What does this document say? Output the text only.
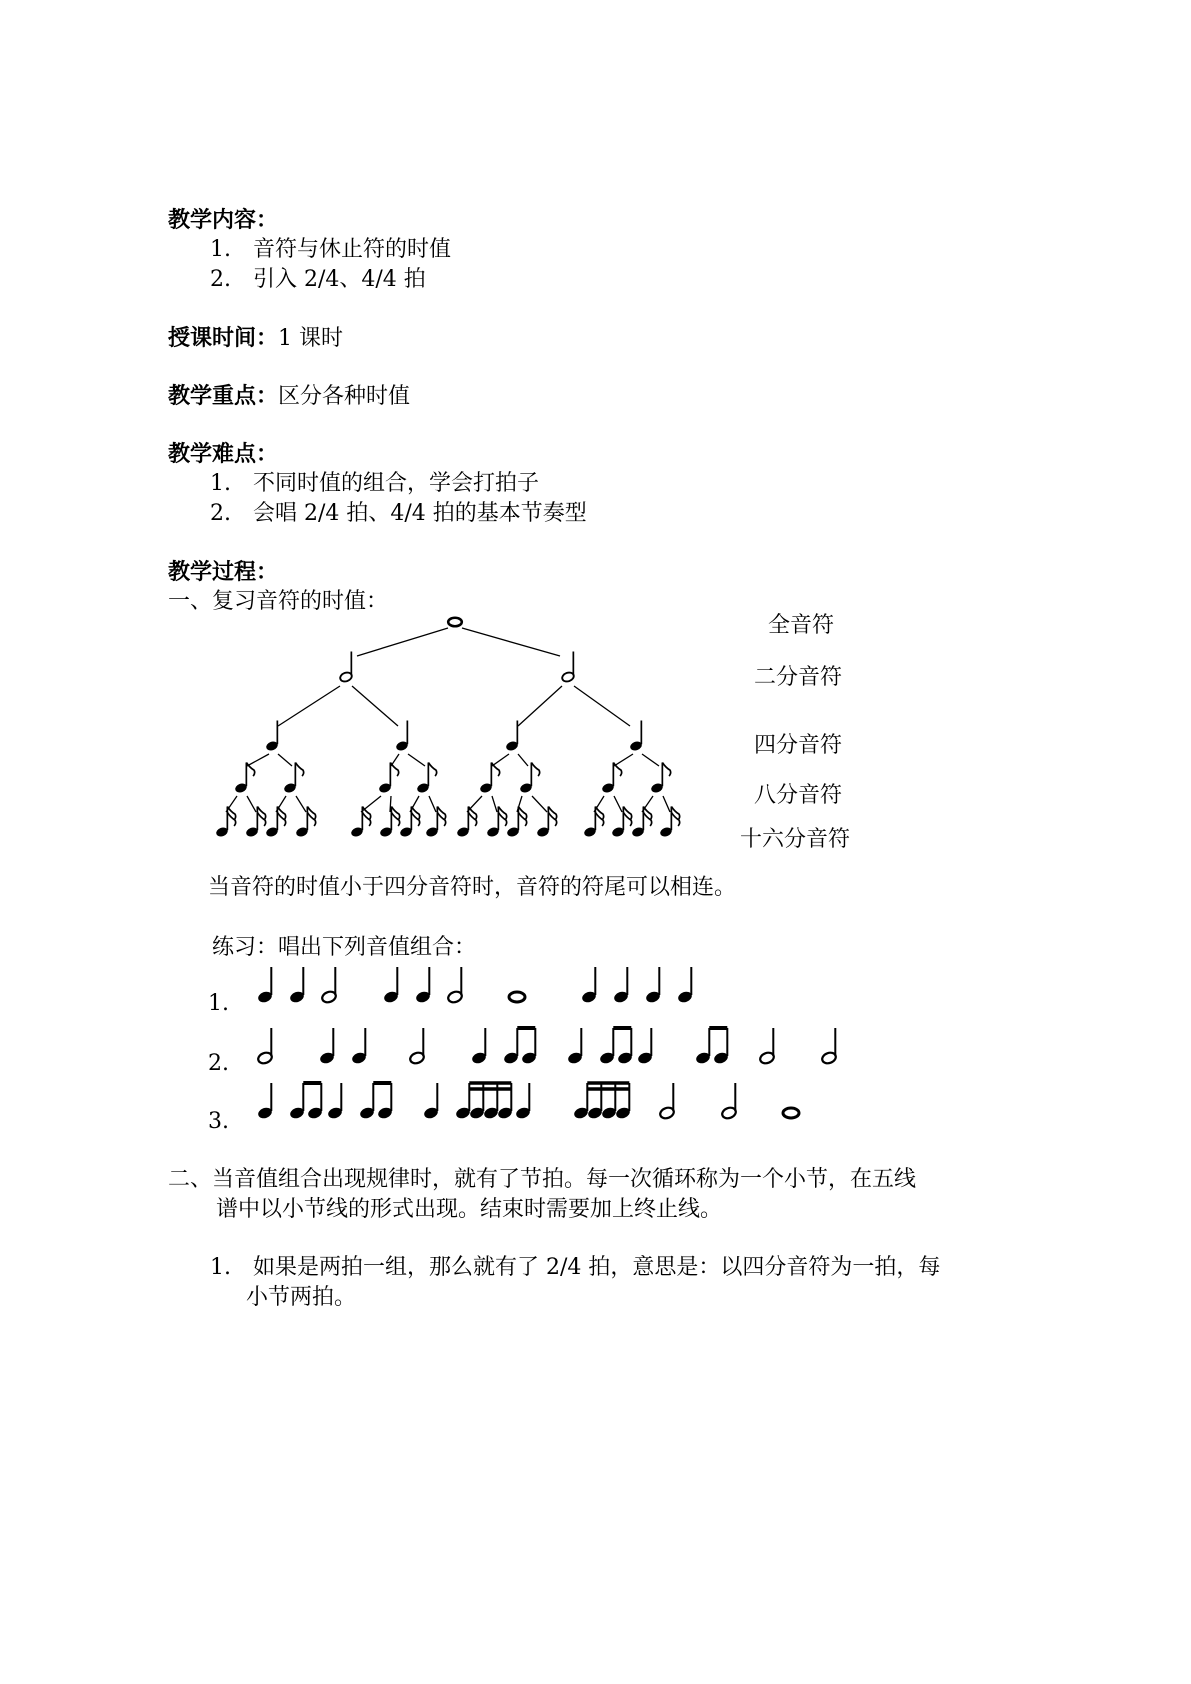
教学内容：
1.　音符与休止符的时值
2.　引入 2/4、4/4 拍
授课时间：1 课时
教学重点：区分各种时值
教学难点：
1.　不同时值的组合，学会打拍子
2.　会唱 2/4 拍、4/4 拍的基本节奏型
教学过程：
一、复习音符的时值：
全音符
二分音符
四分音符
八分音符
十六分音符
当音符的时值小于四分音符时，音符的符尾可以相连。
练习：唱出下列音值组合：
1.
2.
3.
二、当音值组合出现规律时，就有了节拍。每一次循环称为一个小节，在五线
谱中以小节线的形式出现。结束时需要加上终止线。
1.　如果是两拍一组，那么就有了 2/4 拍，意思是：以四分音符为一拍，每
小节两拍。
